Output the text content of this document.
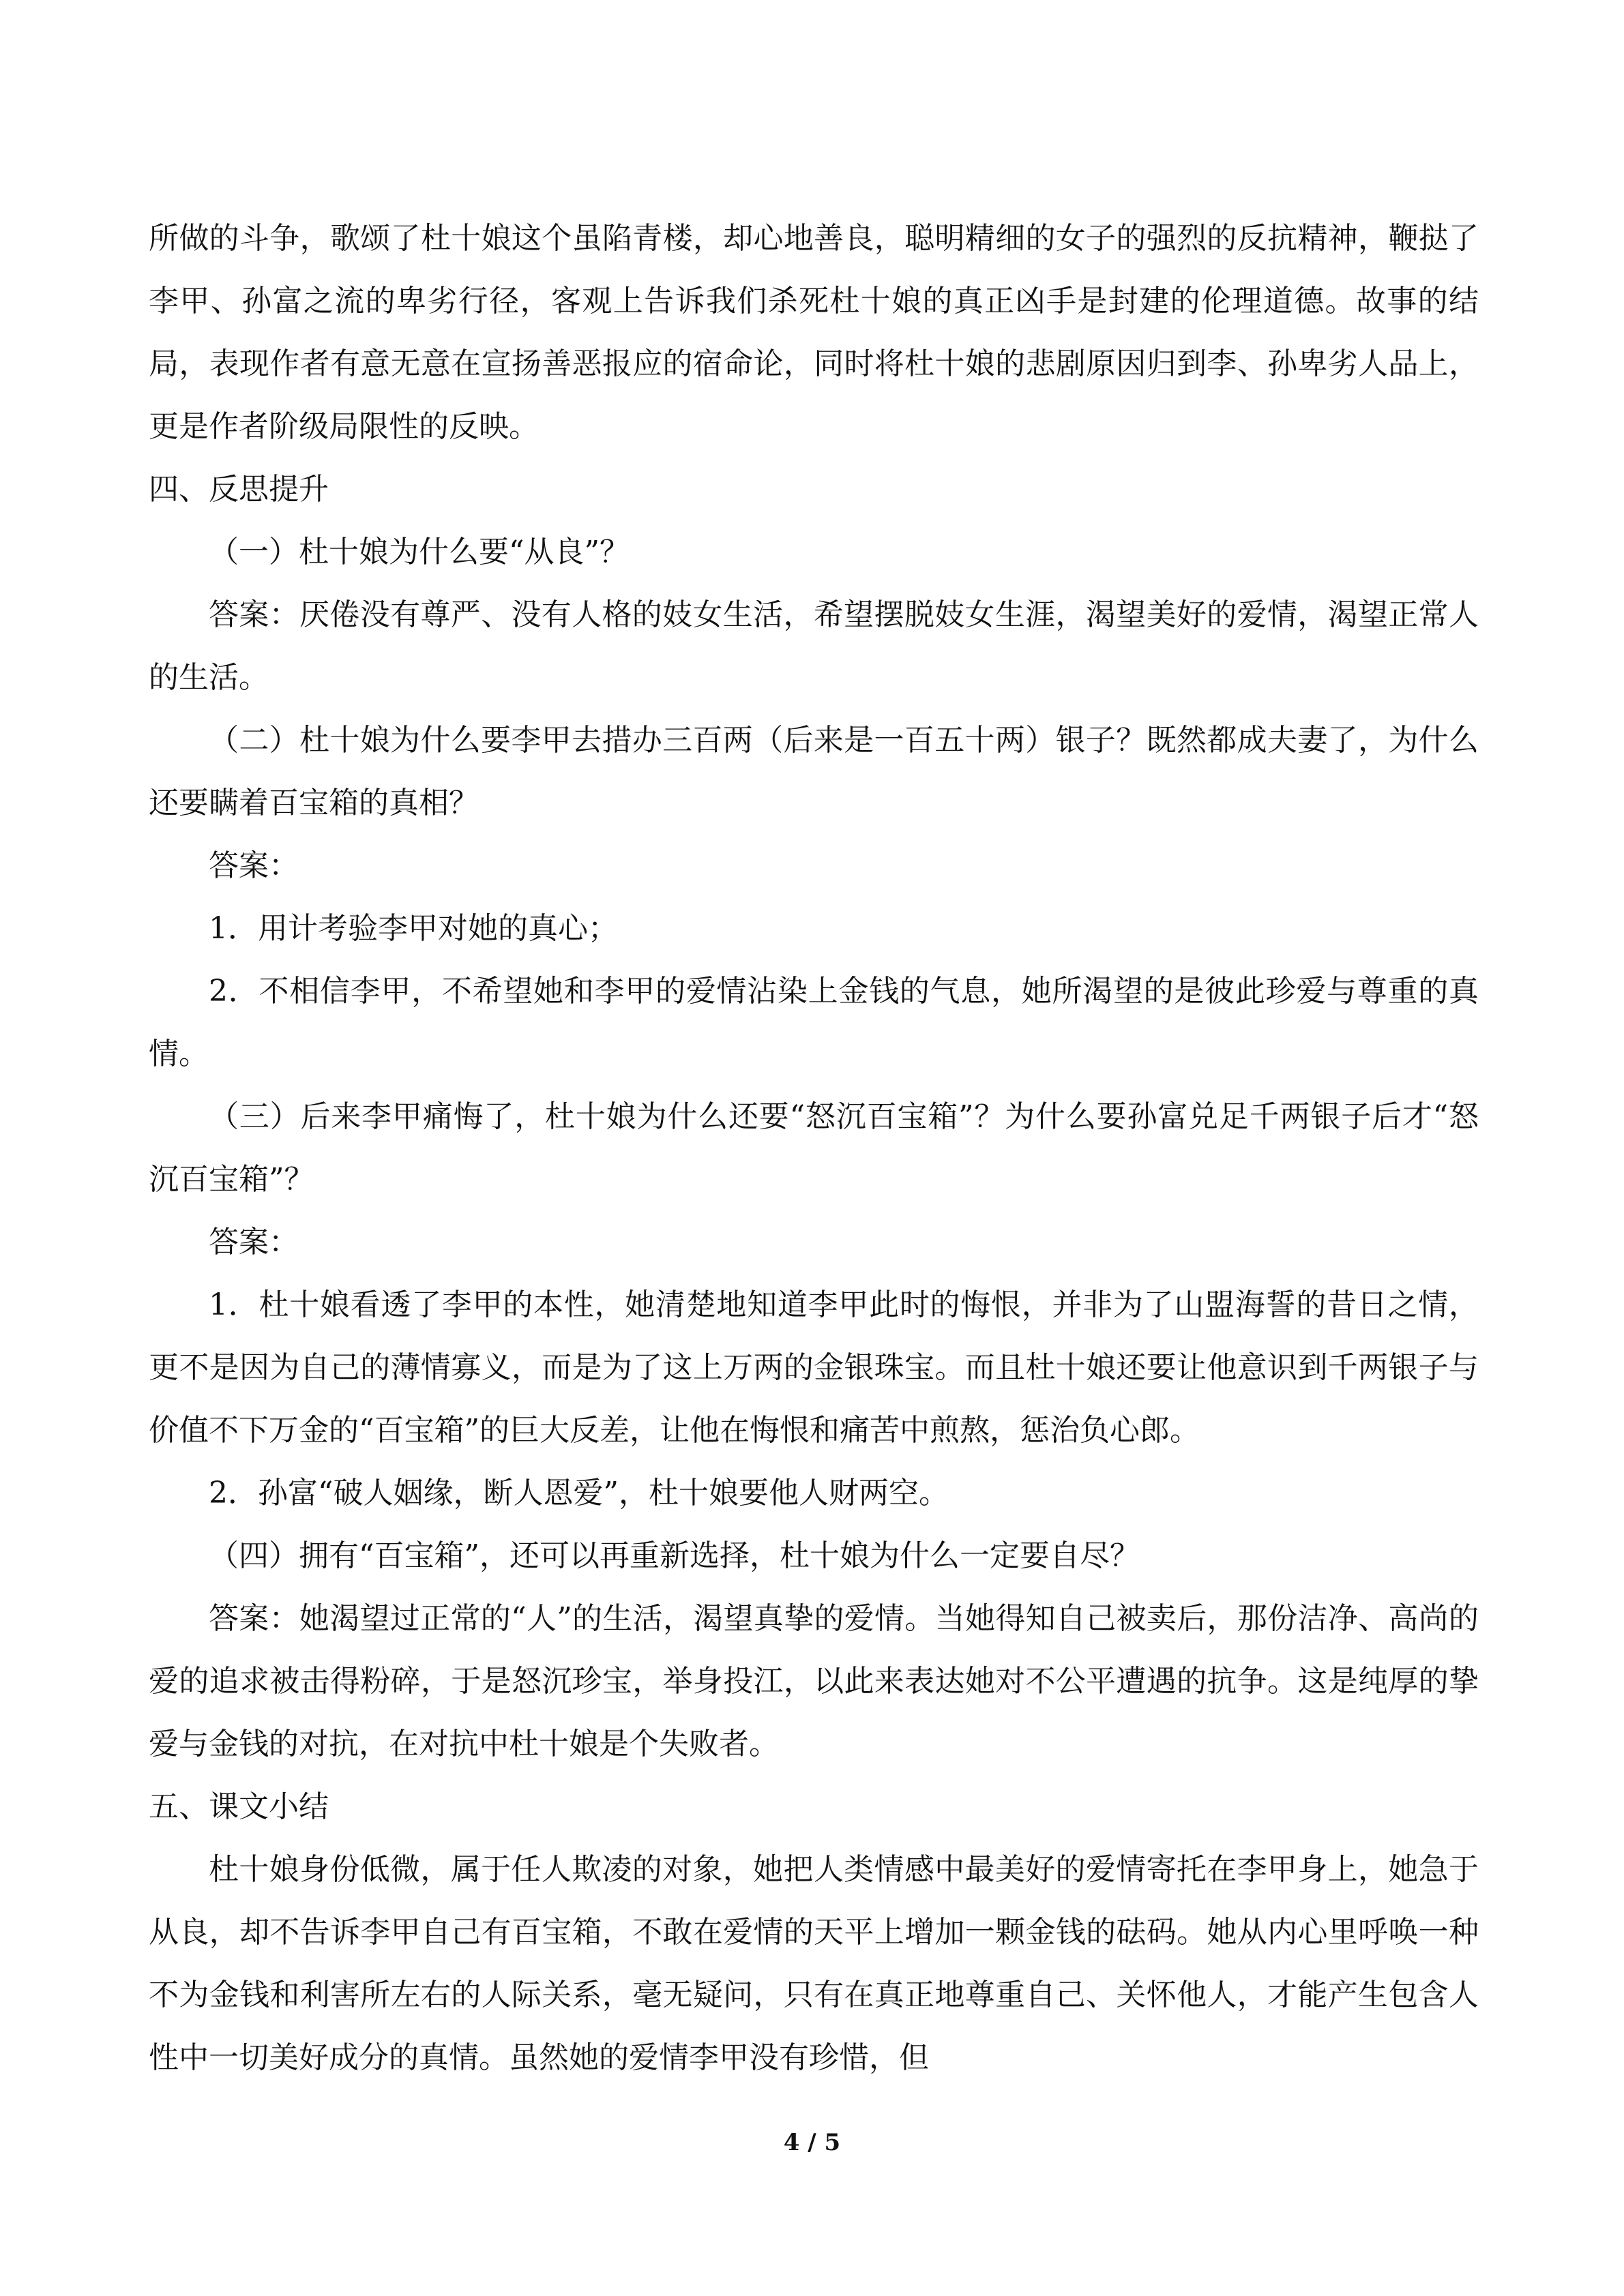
所做的斗争，歌颂了杜十娘这个虽陷青楼，却心地善良，聪明精细的女子的强烈的反抗精神，鞭挞了李甲、孙富之流的卑劣行径，客观上告诉我们杀死杜十娘的真正凶手是封建的伦理道德。故事的结局，表现作者有意无意在宣扬善恶报应的宿命论，同时将杜十娘的悲剧原因归到李、孙卑劣人品上，更是作者阶级局限性的反映。

四、反思提升

（一）杜十娘为什么要“从良”？

答案：厌倦没有尊严、没有人格的妓女生活，希望摆脱妓女生涯，渴望美好的爱情，渴望正常人的生活。

（二）杜十娘为什么要李甲去措办三百两（后来是一百五十两）银子？既然都成夫妻了，为什么还要瞒着百宝箱的真相？

答案：

1．用计考验李甲对她的真心；

2．不相信李甲，不希望她和李甲的爱情沾染上金钱的气息，她所渴望的是彼此珍爱与尊重的真情。

（三）后来李甲痛悔了，杜十娘为什么还要“怒沉百宝箱”？为什么要孙富兑足千两银子后才“怒沉百宝箱”？

答案：

1．杜十娘看透了李甲的本性，她清楚地知道李甲此时的悔恨，并非为了山盟海誓的昔日之情，更不是因为自己的薄情寡义，而是为了这上万两的金银珠宝。而且杜十娘还要让他意识到千两银子与价值不下万金的“百宝箱”的巨大反差，让他在悔恨和痛苦中煎熬，惩治负心郎。

2．孙富“破人姻缘，断人恩爱”，杜十娘要他人财两空。

（四）拥有“百宝箱”，还可以再重新选择，杜十娘为什么一定要自尽？

答案：她渴望过正常的“人”的生活，渴望真挚的爱情。当她得知自己被卖后，那份洁净、高尚的爱的追求被击得粉碎，于是怒沉珍宝，举身投江，以此来表达她对不公平遭遇的抗争。这是纯厚的挚爱与金钱的对抗，在对抗中杜十娘是个失败者。

五、课文小结

杜十娘身份低微，属于任人欺凌的对象，她把人类情感中最美好的爱情寄托在李甲身上，她急于从良，却不告诉李甲自己有百宝箱，不敢在爱情的天平上增加一颗金钱的砝码。她从内心里呼唤一种不为金钱和利害所左右的人际关系，毫无疑问，只有在真正地尊重自己、关怀他人，才能产生包含人性中一切美好成分的真情。虽然她的爱情李甲没有珍惜，但

4 / 5
